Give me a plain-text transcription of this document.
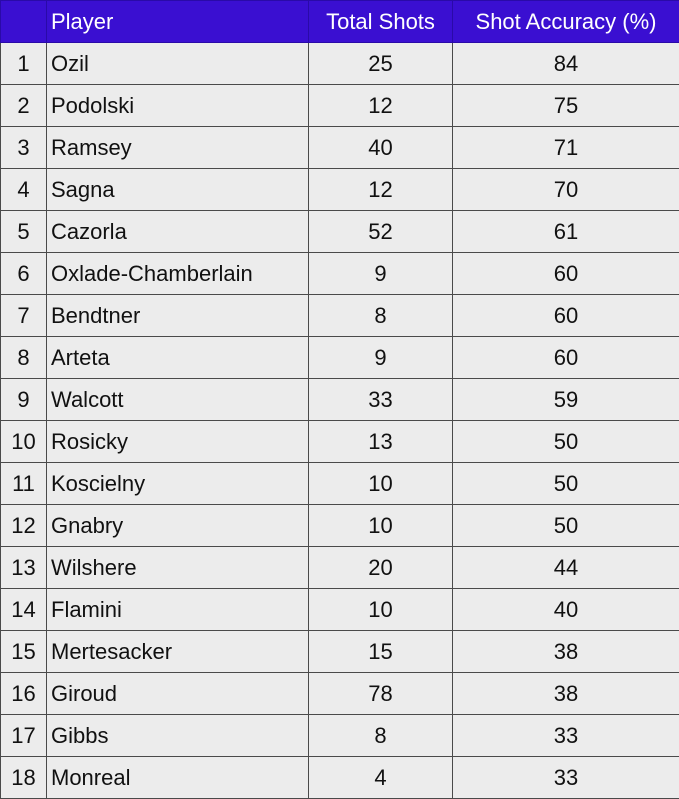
	Player	Total Shots	Shot Accuracy (%)
1	Ozil	25	84
2	Podolski	12	75
3	Ramsey	40	71
4	Sagna	12	70
5	Cazorla	52	61
6	Oxlade-Chamberlain	9	60
7	Bendtner	8	60
8	Arteta	9	60
9	Walcott	33	59
10	Rosicky	13	50
11	Koscielny	10	50
12	Gnabry	10	50
13	Wilshere	20	44
14	Flamini	10	40
15	Mertesacker	15	38
16	Giroud	78	38
17	Gibbs	8	33
18	Monreal	4	33
